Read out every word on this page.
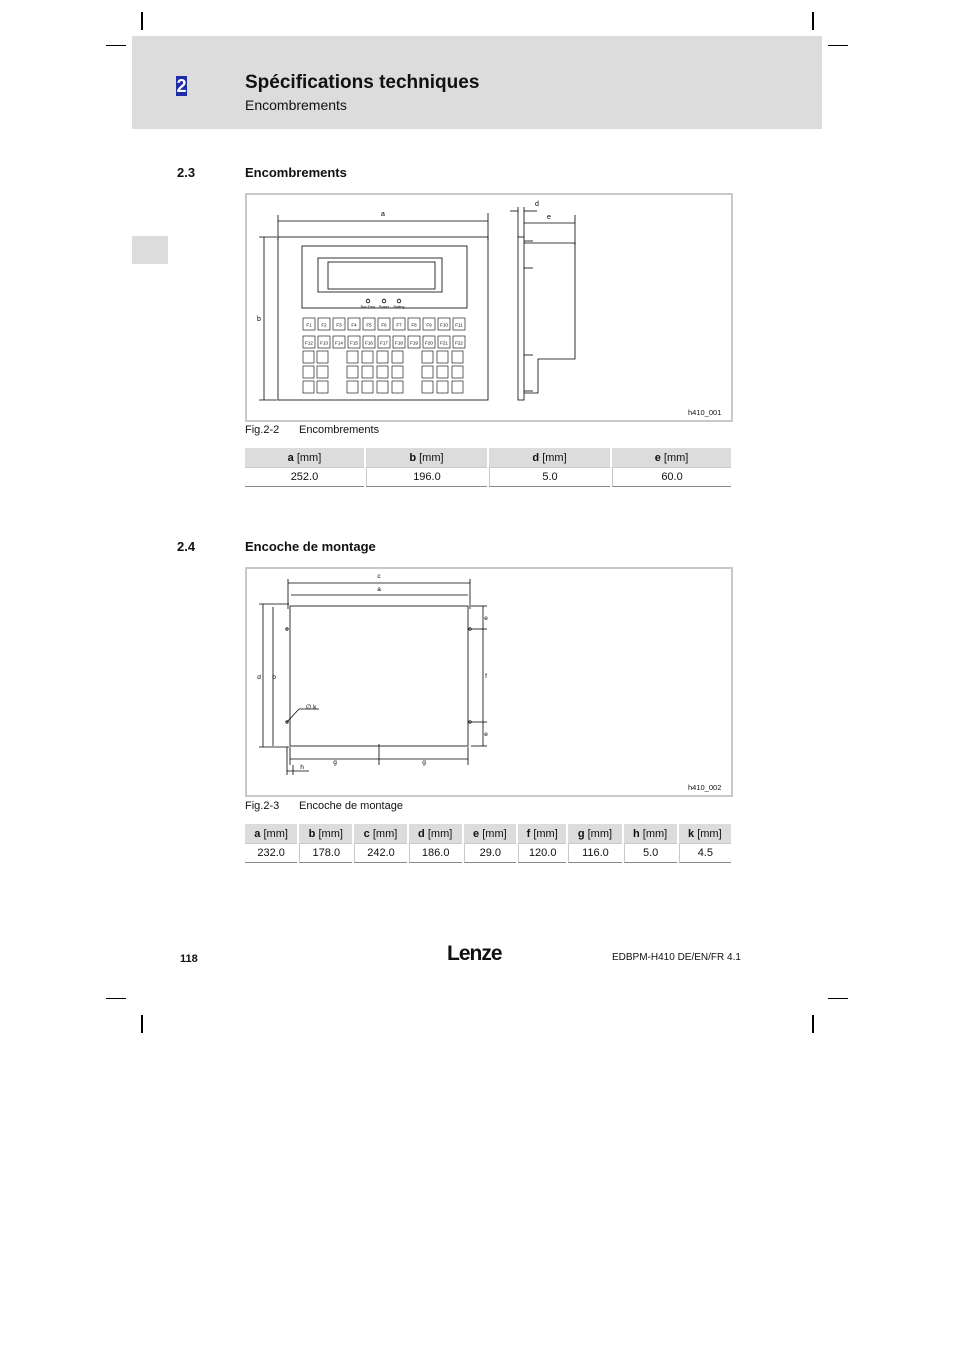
2	Spécifications techniques
Encombrements
2.3	Encombrements
F1 F2 F3 F4 F5 F6 F7 F8 F9 F10 F11
F12 F13 F14 F15 F16 F17 F18 F19 F20 F21 F22
a
b
d
e
Bus Error Power Battery
h410_001
Fig.2-2 Encombrements
a [mm]	b [mm]	d [mm]	e [mm]
252.0	196.0	5.0	60.0
2.4	Encoche de montage
c
a
d b
e
f
e
g	g
h
∅ k
h410_002
Fig.2-3 Encoche de montage
a [mm]	b [mm]	c [mm]	d [mm]	e [mm]	f [mm]	g [mm]	h [mm]	k [mm]
232.0	178.0	242.0	186.0	29.0	120.0	116.0	5.0	4.5
118	Lenze	EDBPM-H410 DE/EN/FR 4.1
